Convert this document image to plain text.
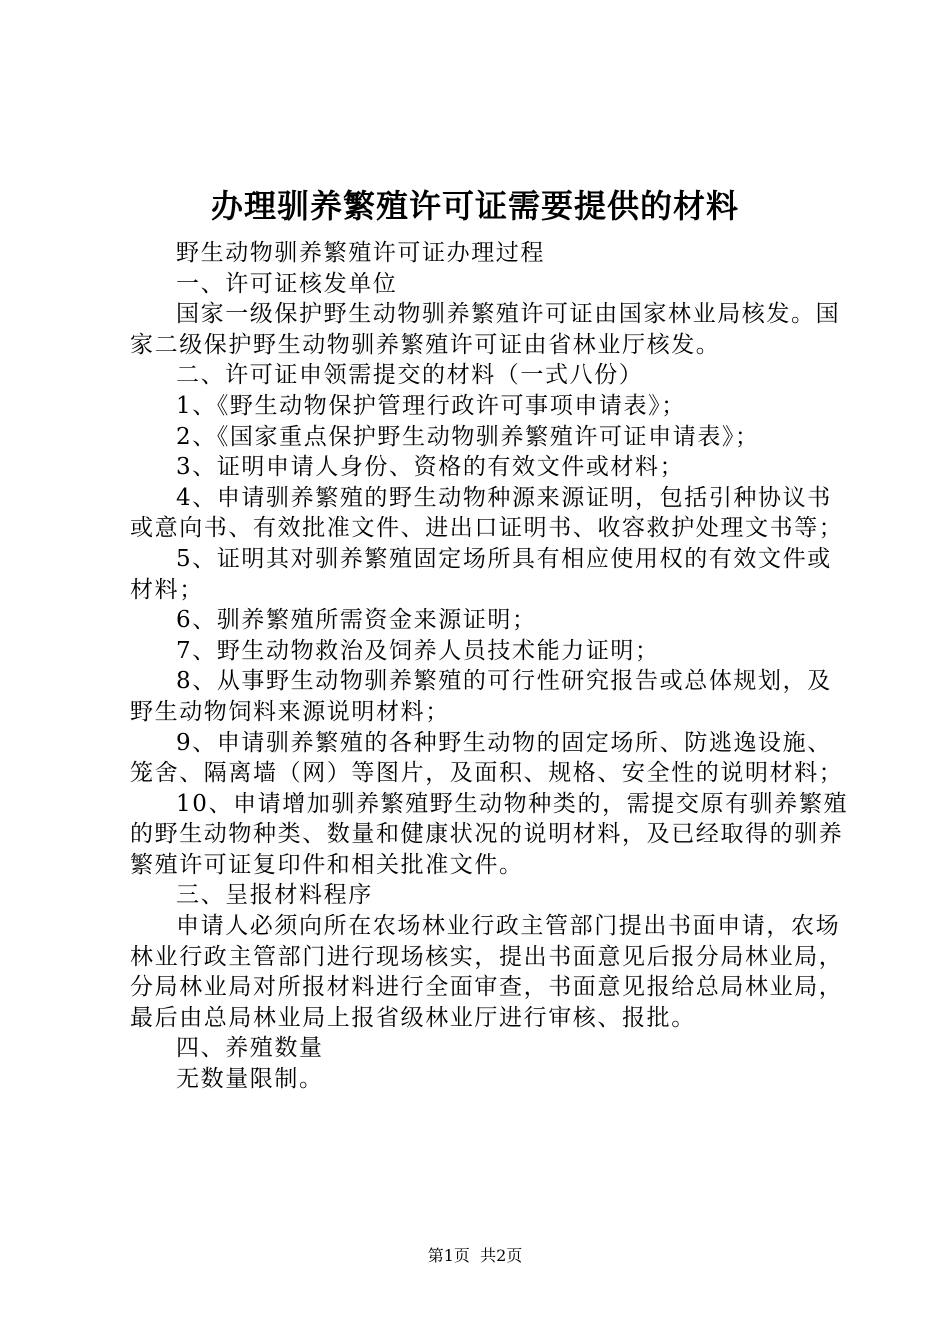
办理驯养繁殖许可证需要提供的材料

野生动物驯养繁殖许可证办理过程

一、许可证核发单位

国家一级保护野生动物驯养繁殖许可证由国家林业局核发。国家二级保护野生动物驯养繁殖许可证由省林业厅核发。

二、许可证申领需提交的材料（一式八份）

1、《野生动物保护管理行政许可事项申请表》；

2、《国家重点保护野生动物驯养繁殖许可证申请表》；

3、证明申请人身份、资格的有效文件或材料；

4、申请驯养繁殖的野生动物种源来源证明，包括引种协议书或意向书、有效批准文件、进出口证明书、收容救护处理文书等；

5、证明其对驯养繁殖固定场所具有相应使用权的有效文件或材料；

6、驯养繁殖所需资金来源证明；

7、野生动物救治及饲养人员技术能力证明；

8、从事野生动物驯养繁殖的可行性研究报告或总体规划，及野生动物饲料来源说明材料；

9、申请驯养繁殖的各种野生动物的固定场所、防逃逸设施、笼舍、隔离墙（网）等图片，及面积、规格、安全性的说明材料；

10、申请增加驯养繁殖野生动物种类的，需提交原有驯养繁殖的野生动物种类、数量和健康状况的说明材料，及已经取得的驯养繁殖许可证复印件和相关批准文件。

三、呈报材料程序

申请人必须向所在农场林业行政主管部门提出书面申请，农场林业行政主管部门进行现场核实，提出书面意见后报分局林业局，分局林业局对所报材料进行全面审查，书面意见报给总局林业局，最后由总局林业局上报省级林业厅进行审核、报批。

四、养殖数量

无数量限制。

第1页 共2页
